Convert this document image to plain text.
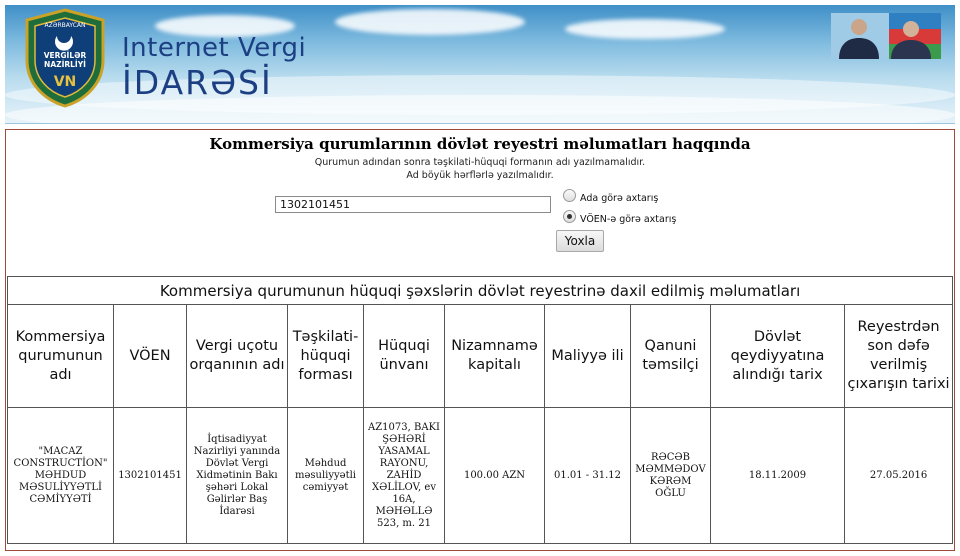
AZƏRBAYCAN
VERGİLƏR
NAZİRLİYİ
VN
Internet Vergi
İDARƏSİ
Kommersiya qurumlarının dövlət reyestri məlumatları haqqında
Qurumun adından sonra təşkilati-hüquqi formanın adı yazılmamalıdır.
Ad böyük hərflərlə yazılmalıdır.
1302101451	Ada görə axtarış
VÖEN-ə görə axtarış
Yoxla
Kommersiya qurumunun hüquqi şəxslərin dövlət reyestrinə daxil edilmiş məlumatları									
Kommersiya qurumunun adı	VÖEN	Vergi uçotu orqanının adı	Təşkilati-hüquqi forması	Hüquqi ünvanı	Nizamnamə kapitalı	Maliyyə ili	Qanuni təmsilçi	Dövlət qeydiyyatına alındığı tarix	Reyestrdən son dəfə verilmiş çıxarışın tarixi
"MACAZ CONSTRUCTİON" MƏHDUD MƏSULİYYƏTLİ CƏMİYYƏTİ	1302101451	İqtisadiyyat Nazirliyi yanında Dövlət Vergi Xidmətinin Bakı şəhəri Lokal Gəlirlər Baş İdarəsi	Məhdud məsuliyyətli cəmiyyət	AZ1073, BAKI ŞƏHƏRİ YASAMAL RAYONU, ZAHİD XƏLİLOV, ev 16A, MƏHƏLLƏ 523, m. 21	100.00 AZN	01.01 - 31.12	RƏCƏB MƏMMƏDOV KƏRƏM OĞLU	18.11.2009	27.05.2016
